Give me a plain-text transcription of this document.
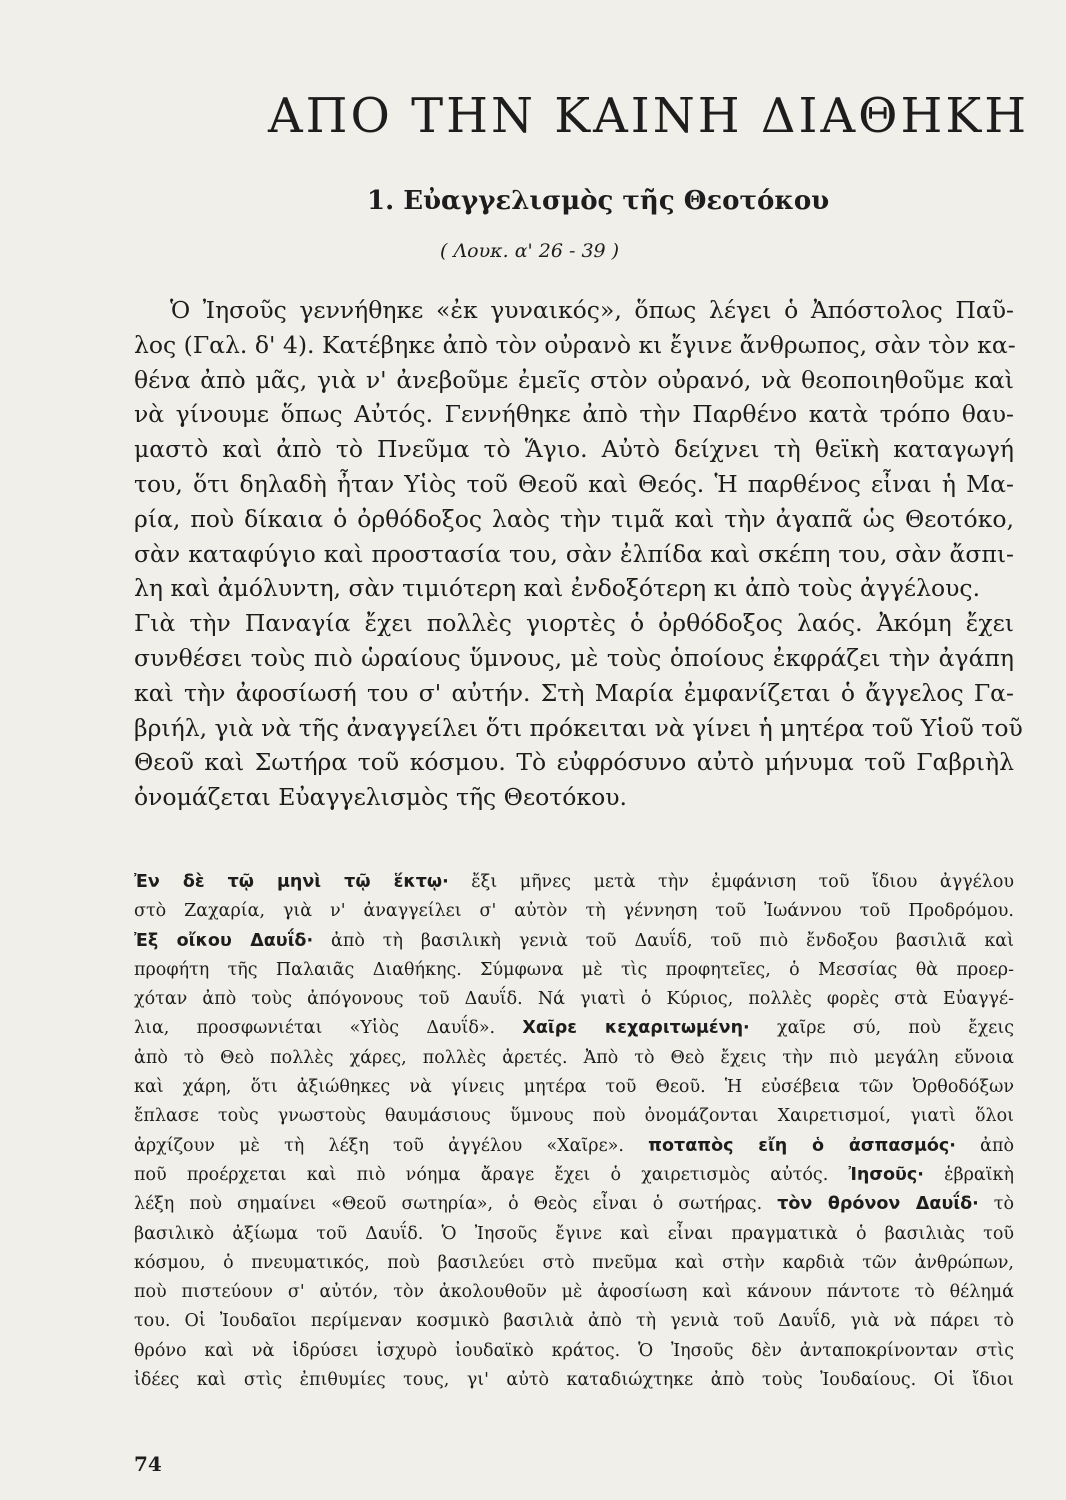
ΑΠΟ ΤΗΝ ΚΑΙΝΗ ΔΙΑΘΗΚΗ
1. Εὐαγγελισμὸς τῆς Θεοτόκου
( Λουκ. α' 26 - 39 )
Ὁ Ἰησοῦς γεννήθηκε «ἐκ γυναικός», ὅπως λέγει ὁ Ἀπόστολος Παῦ-
λος (Γαλ. δ' 4). Κατέβηκε ἀπὸ τὸν οὐρανὸ κι ἔγινε ἄνθρωπος, σὰν τὸν κα-
θένα ἀπὸ μᾶς, γιὰ ν' ἀνεβοῦμε ἐμεῖς στὸν οὐρανό, νὰ θεοποιηθοῦμε καὶ
νὰ γίνουμε ὅπως Αὐτός. Γεννήθηκε ἀπὸ τὴν Παρθένο κατὰ τρόπο θαυ-
μαστὸ καὶ ἀπὸ τὸ Πνεῦμα τὸ Ἅγιο. Αὐτὸ δείχνει τὴ θεϊκὴ καταγωγή
του, ὅτι δηλαδὴ ἦταν Υἱὸς τοῦ Θεοῦ καὶ Θεός. Ἡ παρθένος εἶναι ἡ Μα-
ρία, ποὺ δίκαια ὁ ὀρθόδοξος λαὸς τὴν τιμᾶ καὶ τὴν ἀγαπᾶ ὡς Θεοτόκο,
σὰν καταφύγιο καὶ προστασία του, σὰν ἐλπίδα καὶ σκέπη του, σὰν ἄσπι-
λη καὶ ἀμόλυντη, σὰν τιμιότερη καὶ ἐνδοξότερη κι ἀπὸ τοὺς ἀγγέλους.
Γιὰ τὴν Παναγία ἔχει πολλὲς γιορτὲς ὁ ὀρθόδοξος λαός. Ἀκόμη ἔχει
συνθέσει τοὺς πιὸ ὡραίους ὕμνους, μὲ τοὺς ὁποίους ἐκφράζει τὴν ἀγάπη
καὶ τὴν ἀφοσίωσή του σ' αὐτήν. Στὴ Μαρία ἐμφανίζεται ὁ ἄγγελος Γα-
βριήλ, γιὰ νὰ τῆς ἀναγγείλει ὅτι πρόκειται νὰ γίνει ἡ μητέρα τοῦ Υἱοῦ τοῦ
Θεοῦ καὶ Σωτήρα τοῦ κόσμου. Τὸ εὐφρόσυνο αὐτὸ μήνυμα τοῦ Γαβριὴλ
ὀνομάζεται Εὐαγγελισμὸς τῆς Θεοτόκου.
Ἐν δὲ τῷ μηνὶ τῷ ἕκτῳ· ἔξι μῆνες μετὰ τὴν ἐμφάνιση τοῦ ἴδιου ἀγγέλου
στὸ Ζαχαρία, γιὰ ν' ἀναγγείλει σ' αὐτὸν τὴ γέννηση τοῦ Ἰωάννου τοῦ Προδρόμου.
Ἐξ οἴκου Δαυΐδ· ἀπὸ τὴ βασιλικὴ γενιὰ τοῦ Δαυΐδ, τοῦ πιὸ ἔνδοξου βασιλιᾶ καὶ
προφήτη τῆς Παλαιᾶς Διαθήκης. Σύμφωνα μὲ τὶς προφητεῖες, ὁ Μεσσίας θὰ προερ-
χόταν ἀπὸ τοὺς ἀπόγονους τοῦ Δαυΐδ. Νά γιατὶ ὁ Κύριος, πολλὲς φορὲς στὰ Εὐαγγέ-
λια, προσφωνιέται «Υἱὸς Δαυΐδ». Χαῖρε κεχαριτωμένη· χαῖρε σύ, ποὺ ἔχεις
ἀπὸ τὸ Θεὸ πολλὲς χάρες, πολλὲς ἀρετές. Ἀπὸ τὸ Θεὸ ἔχεις τὴν πιὸ μεγάλη εὔνοια
καὶ χάρη, ὅτι ἀξιώθηκες νὰ γίνεις μητέρα τοῦ Θεοῦ. Ἡ εὐσέβεια τῶν Ὀρθοδόξων
ἔπλασε τοὺς γνωστοὺς θαυμάσιους ὕμνους ποὺ ὀνομάζονται Χαιρετισμοί, γιατὶ ὅλοι
ἀρχίζουν μὲ τὴ λέξη τοῦ ἀγγέλου «Χαῖρε». ποταπὸς εἴη ὁ ἀσπασμός· ἀπὸ
ποῦ προέρχεται καὶ πιὸ νόημα ἄραγε ἔχει ὁ χαιρετισμὸς αὐτός. Ἰησοῦς· ἑβραϊκὴ
λέξη ποὺ σημαίνει «Θεοῦ σωτηρία», ὁ Θεὸς εἶναι ὁ σωτήρας. τὸν θρόνον Δαυΐδ· τὸ
βασιλικὸ ἀξίωμα τοῦ Δαυΐδ. Ὁ Ἰησοῦς ἔγινε καὶ εἶναι πραγματικὰ ὁ βασιλιὰς τοῦ
κόσμου, ὁ πνευματικός, ποὺ βασιλεύει στὸ πνεῦμα καὶ στὴν καρδιὰ τῶν ἀνθρώπων,
ποὺ πιστεύουν σ' αὐτόν, τὸν ἀκολουθοῦν μὲ ἀφοσίωση καὶ κάνουν πάντοτε τὸ θέλημά
του. Οἱ Ἰουδαῖοι περίμεναν κοσμικὸ βασιλιὰ ἀπὸ τὴ γενιὰ τοῦ Δαυΐδ, γιὰ νὰ πάρει τὸ
θρόνο καὶ νὰ ἱδρύσει ἰσχυρὸ ἰουδαϊκὸ κράτος. Ὁ Ἰησοῦς δὲν ἀνταποκρίνονταν στὶς
ἰδέες καὶ στὶς ἐπιθυμίες τους, γι' αὐτὸ καταδιώχτηκε ἀπὸ τοὺς Ἰουδαίους. Οἱ ἴδιοι
74
